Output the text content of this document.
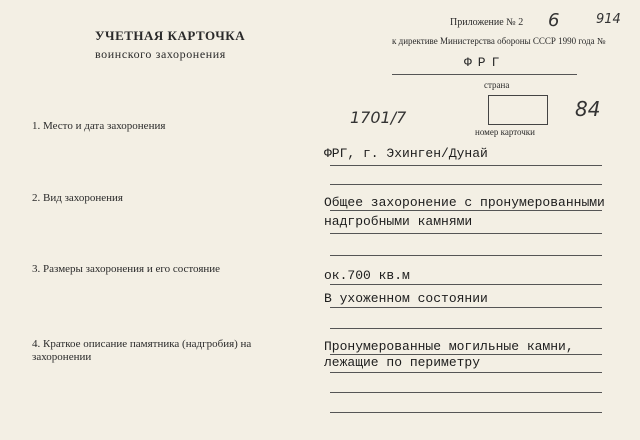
УЧЕТНАЯ КАРТОЧКА
воинского захоронения
Приложение № 2
к директиве Министерства обороны СССР 1990 года №
6	914
ФРГ
страна
1701/7
номер карточки
84
1. Место и дата захоронения
ФРГ, г. Эхинген/Дунай
2. Вид захоронения	Общее захоронение с пронумерованными
надгробными камнями
3. Размеры захоронения и его состояние	ок.700 кв.м
В ухоженном состоянии
4. Краткое описание памятника (надгробия) на захоронении
Пронумерованные могильные камни,
лежащие по периметру
